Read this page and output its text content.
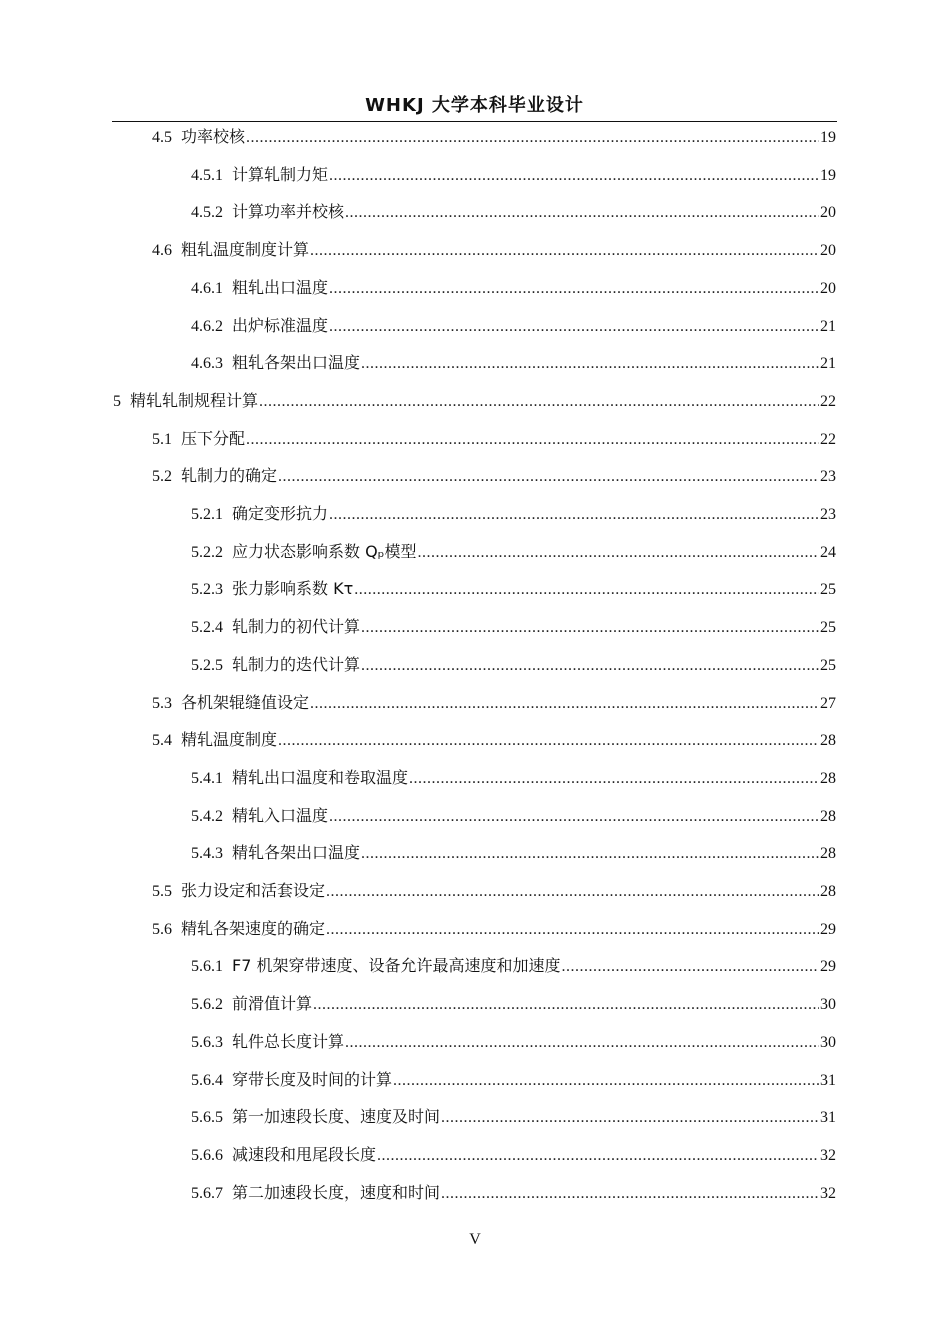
WHKJ 大学本科毕业设计
4.5 功率校核 .....	19
4.5.1 计算轧制力矩 .....	19
4.5.2 计算功率并校核 .....	20
4.6 粗轧温度制度计算 .....	20
4.6.1 粗轧出口温度 .....	20
4.6.2 出炉标准温度 .....	21
4.6.3 粗轧各架出口温度 .....	21
5 精轧轧制规程计算 .....	22
5.1 压下分配 .....	22
5.2 轧制力的确定 .....	23
5.2.1 确定变形抗力 .....	23
5.2.2 应力状态影响系数 Qₚ模型 .....	24
5.2.3 张力影响系数 Kτ .....	25
5.2.4 轧制力的初代计算 .....	25
5.2.5 轧制力的迭代计算 .....	25
5.3 各机架辊缝值设定 .....	27
5.4 精轧温度制度 .....	28
5.4.1 精轧出口温度和卷取温度 .....	28
5.4.2 精轧入口温度 .....	28
5.4.3 精轧各架出口温度 .....	28
5.5 张力设定和活套设定 .....	28
5.6 精轧各架速度的确定 .....	29
5.6.1 F7 机架穿带速度、设备允许最高速度和加速度 .....	29
5.6.2 前滑值计算 .....	30
5.6.3 轧件总长度计算 .....	30
5.6.4 穿带长度及时间的计算 .....	31
5.6.5 第一加速段长度、速度及时间 .....	31
5.6.6 减速段和甩尾段长度 .....	32
5.6.7 第二加速段长度，速度和时间 .....	32
V
